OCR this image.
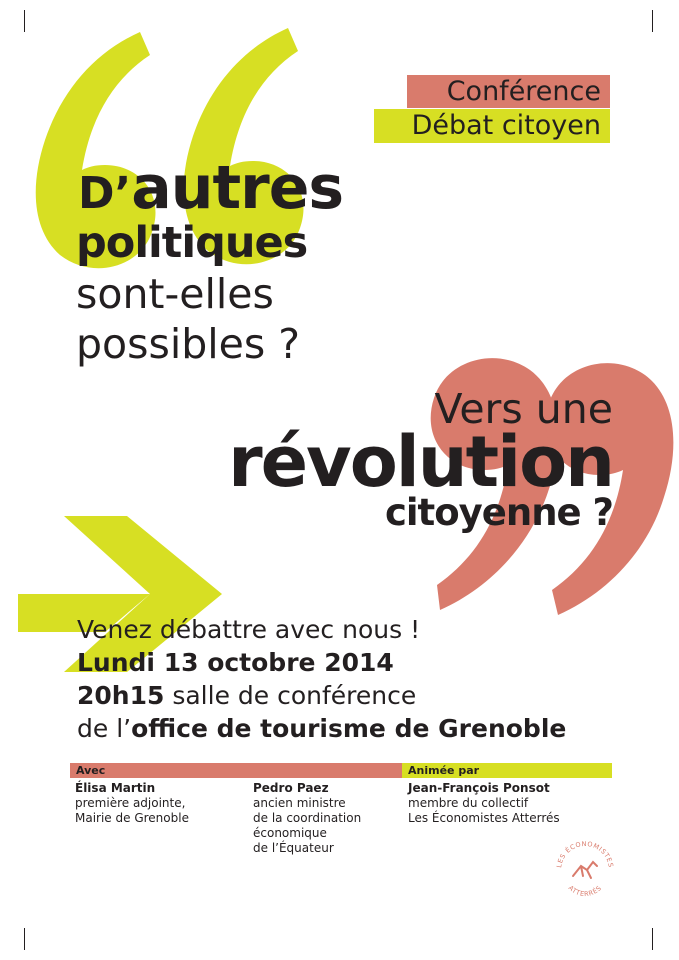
Conférence
Débat citoyen
D’autres
politiques
sont-elles
possibles ?
Vers une
révolution
citoyenne ?
Venez débattre avec nous !
Lundi 13 octobre 2014
20h15 salle de conférence
de l’office de tourisme de Grenoble
Avec	Animée par
Élisa Martin
première adjointe,
Mairie de Grenoble
Pedro Paez
ancien ministre
de la coordination
économique
de l’Équateur
Jean-François Ponsot
membre du collectif
Les Économistes Atterrés
LES ÉCONOMISTES
ATTERRÉS
